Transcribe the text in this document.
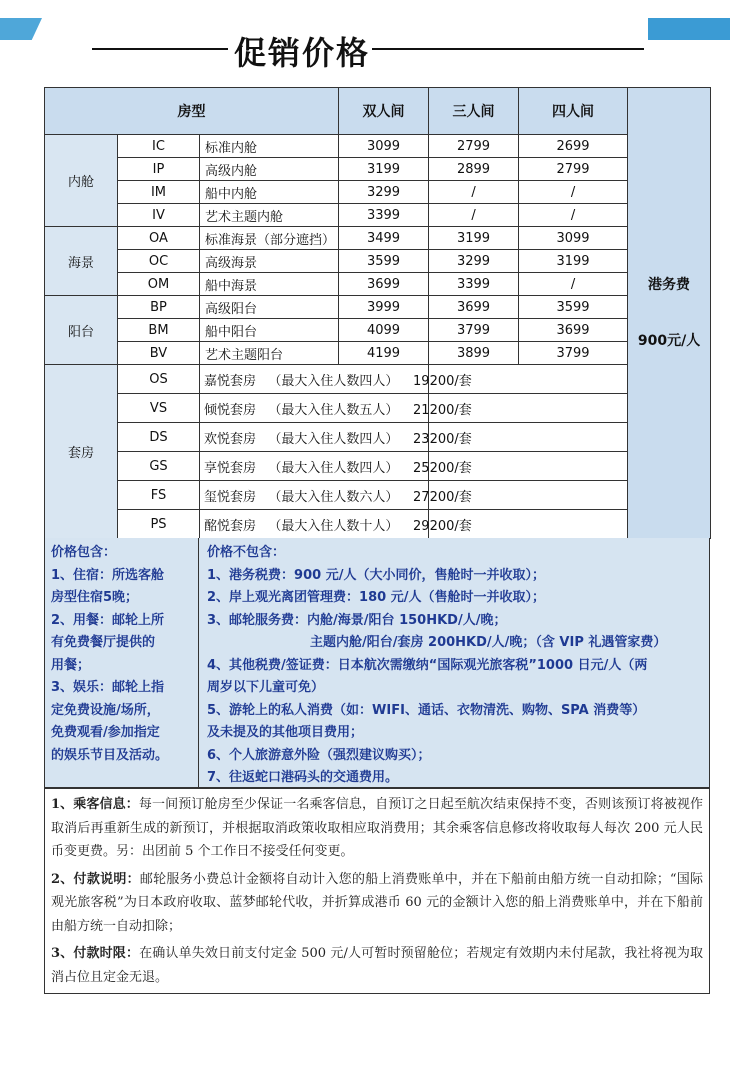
促销价格
房型			双人间	三人间	四人间	港务费

900元/人

内舱	IC	标准内舱	3099	2799	2699	
	IP	高级内舱	3199	2899	2799	
	IM	船中内舱	3299	/	/	
	IV	艺术主题内舱	3399	/	/	
海景	OA	标准海景（部分遮挡）	3499	3199	3099	
	OC	高级海景	3599	3299	3199	
	OM	船中海景	3699	3399	/	
阳台	BP	高级阳台	3999	3699	3599	
	BM	船中阳台	4099	3799	3699	
	BV	艺术主题阳台	4199	3899	3799	
套房	OS	嘉悦套房   （最大入住人数四人）		19200/套		
	VS	倾悦套房   （最大入住人数五人）		21200/套		
	DS	欢悦套房   （最大入住人数四人）		23200/套		
	GS	享悦套房   （最大入住人数四人）		25200/套		
	FS	玺悦套房   （最大入住人数六人）		27200/套		
	PS	酩悦套房   （最大入住人数十人）		29200/套		
价格包含：
1、住宿：所选客舱
房型住宿5晚；
2、用餐：邮轮上所
有免费餐厅提供的
用餐；
3、娱乐：邮轮上指
定免费设施/场所，
免费观看/参加指定
的娱乐节目及活动。
价格不包含：
1、港务税费：900 元/人（大小同价，售舱时一并收取）；
2、岸上观光离团管理费：180 元/人（售舱时一并收取）；
3、邮轮服务费：内舱/海景/阳台 150HKD/人/晚；
主题内舱/阳台/套房 200HKD/人/晚；（含 VIP 礼遇管家费）
4、其他税费/签证费：日本航次需缴纳“国际观光旅客税”1000 日元/人（两
周岁以下儿童可免）
5、游轮上的私人消费（如：WIFI、通话、衣物清洗、购物、SPA 消费等）
及未提及的其他项目费用；
6、个人旅游意外险（强烈建议购买）；
7、往返蛇口港码头的交通费用。
1、乘客信息：每一间预订舱房至少保证一名乘客信息，自预订之日起至航次结束保持不变，否则该预订将被视作取消后再重新生成的新预订，并根据取消政策收取相应取消费用；其余乘客信息修改将收取每人每次 200 元人民币变更费。另：出团前 5 个工作日不接受任何变更。
2、付款说明：邮轮服务小费总计金额将自动计入您的船上消费账单中，并在下船前由船方统一自动扣除；“国际观光旅客税”为日本政府收取、蓝梦邮轮代收，并折算成港币 60 元的金额计入您的船上消费账单中，并在下船前由船方统一自动扣除；
3、付款时限：在确认单失效日前支付定金 500 元/人可暂时预留舱位；若规定有效期内未付尾款，我社将视为取消占位且定金无退。
